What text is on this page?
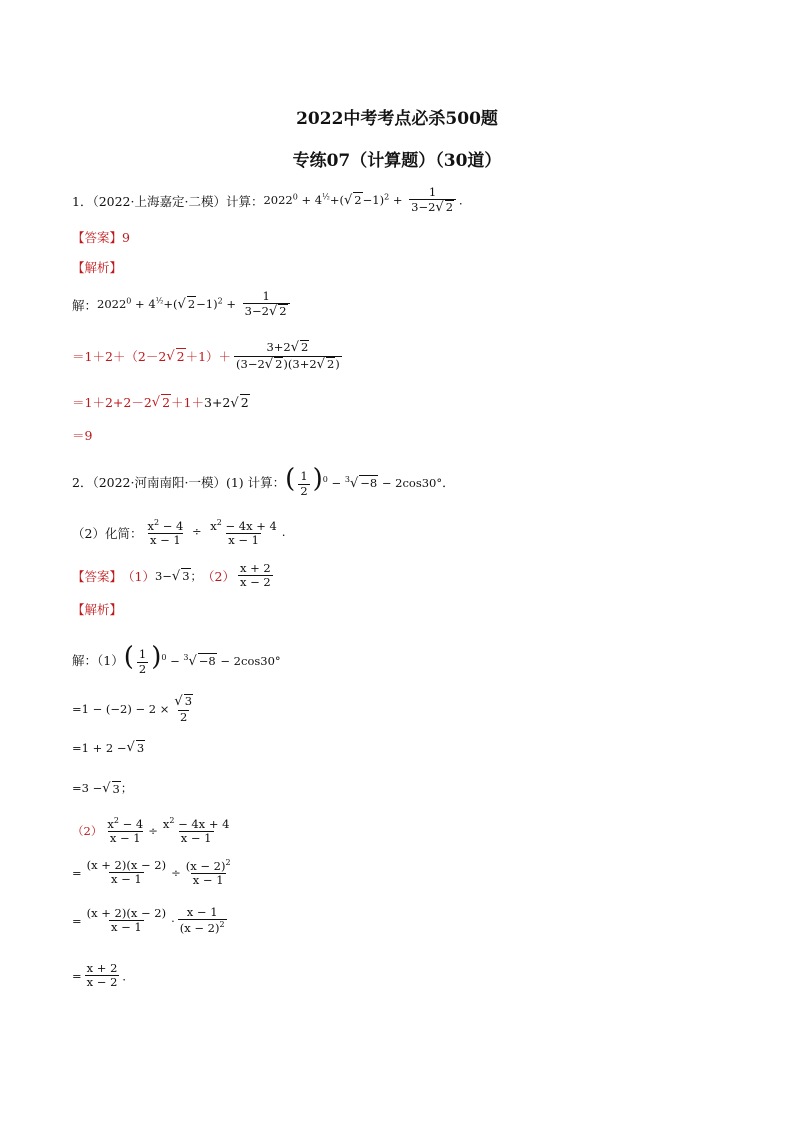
2022中考考点必杀500题
专练07（计算题）（30道）
1．（2022·上海嘉定·二模）计算： $2022^0 + 4^{\frac{1}{2}}+(√$ $2-1)^2 + \frac{1}{3-2√ 2}$ ．
【答案】 9
【解析】
解： $2022^0 + 4^{\frac{1}{2}}+(√$ $2-1)^2 + \frac{1}{3-2√ 2}$
＝1＋2＋（2－2 √ $2 +1)+ \frac{3+2√ 2}{(3-2√ 2)(3+2√ 2)}$
＝1＋2+2－2 √ 2 ＋1＋ 3+2√ 2
＝9
2．（2022·河南南阳·一模）(1) 计算： ( $\frac{1}{2} )^0 - ^3√ -8 - 2\cos 30^\circ$ ．
（2）化简： $\frac{x^2 - 4}{x - 1} \div \frac{x^2 - 4x + 4}{x - 1}$ ．
【答案】 （1） 3−√ 3； $(2) \frac{x + 2}{x - 2}$
【解析】
解：（1） ( $\frac{1}{2} )^0 - ^3√ -8 - 2\cos 30^\circ$
$=1 - (-2) - 2 \times \frac{√ 3}{2}$
=1 + 2 − √ 3
=3 − √ 3 ；
$(2) \frac{x^2 - 4}{x - 1} \div \frac{x^2 - 4x + 4}{x - 1}$
= $\frac{(x + 2)(x - 2)}{x - 1} \div \frac{(x - 2)^2}{x - 1}$
= $\frac{(x + 2)(x - 2)}{x - 1} \cdot \frac{x - 1}{(x - 2)^2}$
= $\frac{x + 2}{x - 2}$ ．
